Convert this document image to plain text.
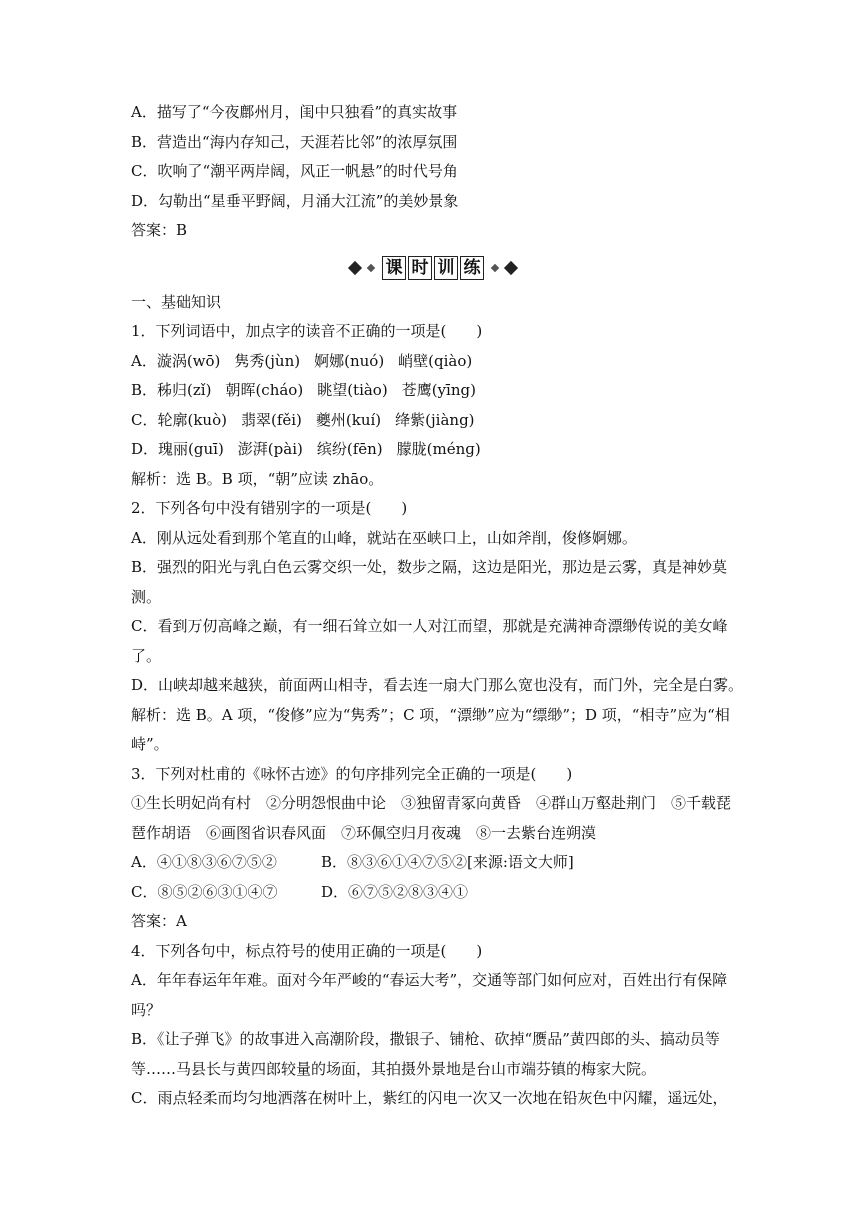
A．描写了“今夜鄜州月，闺中只独看”的真实故事
B．营造出“海内存知己，天涯若比邻”的浓厚氛围
C．吹响了“潮平两岸阔，风正一帆悬”的时代号角
D．勾勒出“星垂平野阔，月涌大江流”的美妙景象
答案：B
课 时 训 练
一、基础知识
1．下列词语中，加点字的读音不正确的一项是(　　)
A．漩涡(wō) 隽秀(jùn) 婀娜(nuó) 峭壁(qiào)
B．秭归(zǐ) 朝晖(cháo) 眺望(tiào) 苍鹰(yīng)
C．轮廓(kuò) 翡翠(fěi) 夔州(kuí) 绛紫(jiàng)
D．瑰丽(guī) 澎湃(pài) 缤纷(fēn) 朦胧(ménɡ)
解析：选 B。B 项，“朝”应读 zhāo。
2．下列各句中没有错别字的一项是(　　)
A．刚从远处看到那个笔直的山峰，就站在巫峡口上，山如斧削，俊修婀娜。
B．强烈的阳光与乳白色云雾交织一处，数步之隔，这边是阳光，那边是云雾，真是神妙莫测。
C．看到万仞高峰之巅，有一细石耸立如一人对江而望，那就是充满神奇漂缈传说的美女峰了。
D．山峡却越来越狭，前面两山相寺，看去连一扇大门那么宽也没有，而门外，完全是白雾。
解析：选 B。A 项，“俊修”应为“隽秀”；C 项，“漂缈”应为“缥缈”；D 项，“相寺”应为“相峙”。
3．下列对杜甫的《咏怀古迹》的句序排列完全正确的一项是(　　)
①生长明妃尚有村　②分明怨恨曲中论　③独留青冢向黄昏　④群山万壑赴荆门　⑤千载琵琶作胡语　⑥画图省识春风面　⑦环佩空归月夜魂　⑧一去紫台连朔漠
A．④①⑧③⑥⑦⑤②	B．⑧③⑥①④⑦⑤②[来源:语文大师]
C．⑧⑤②⑥③①④⑦	D．⑥⑦⑤②⑧③④①
答案：A
4．下列各句中，标点符号的使用正确的一项是(　　)
A．年年春运年年难。面对今年严峻的“春运大考”，交通等部门如何应对，百姓出行有保障吗？
B．《让子弹飞》的故事进入高潮阶段，撒银子、铺枪、砍掉“赝品”黄四郎的头、搞动员等等……马县长与黄四郎较量的场面，其拍摄外景地是台山市端芬镇的梅家大院。
C．雨点轻柔而均匀地洒落在树叶上，紫红的闪电一次又一次地在铅灰色中闪耀，遥远处，
